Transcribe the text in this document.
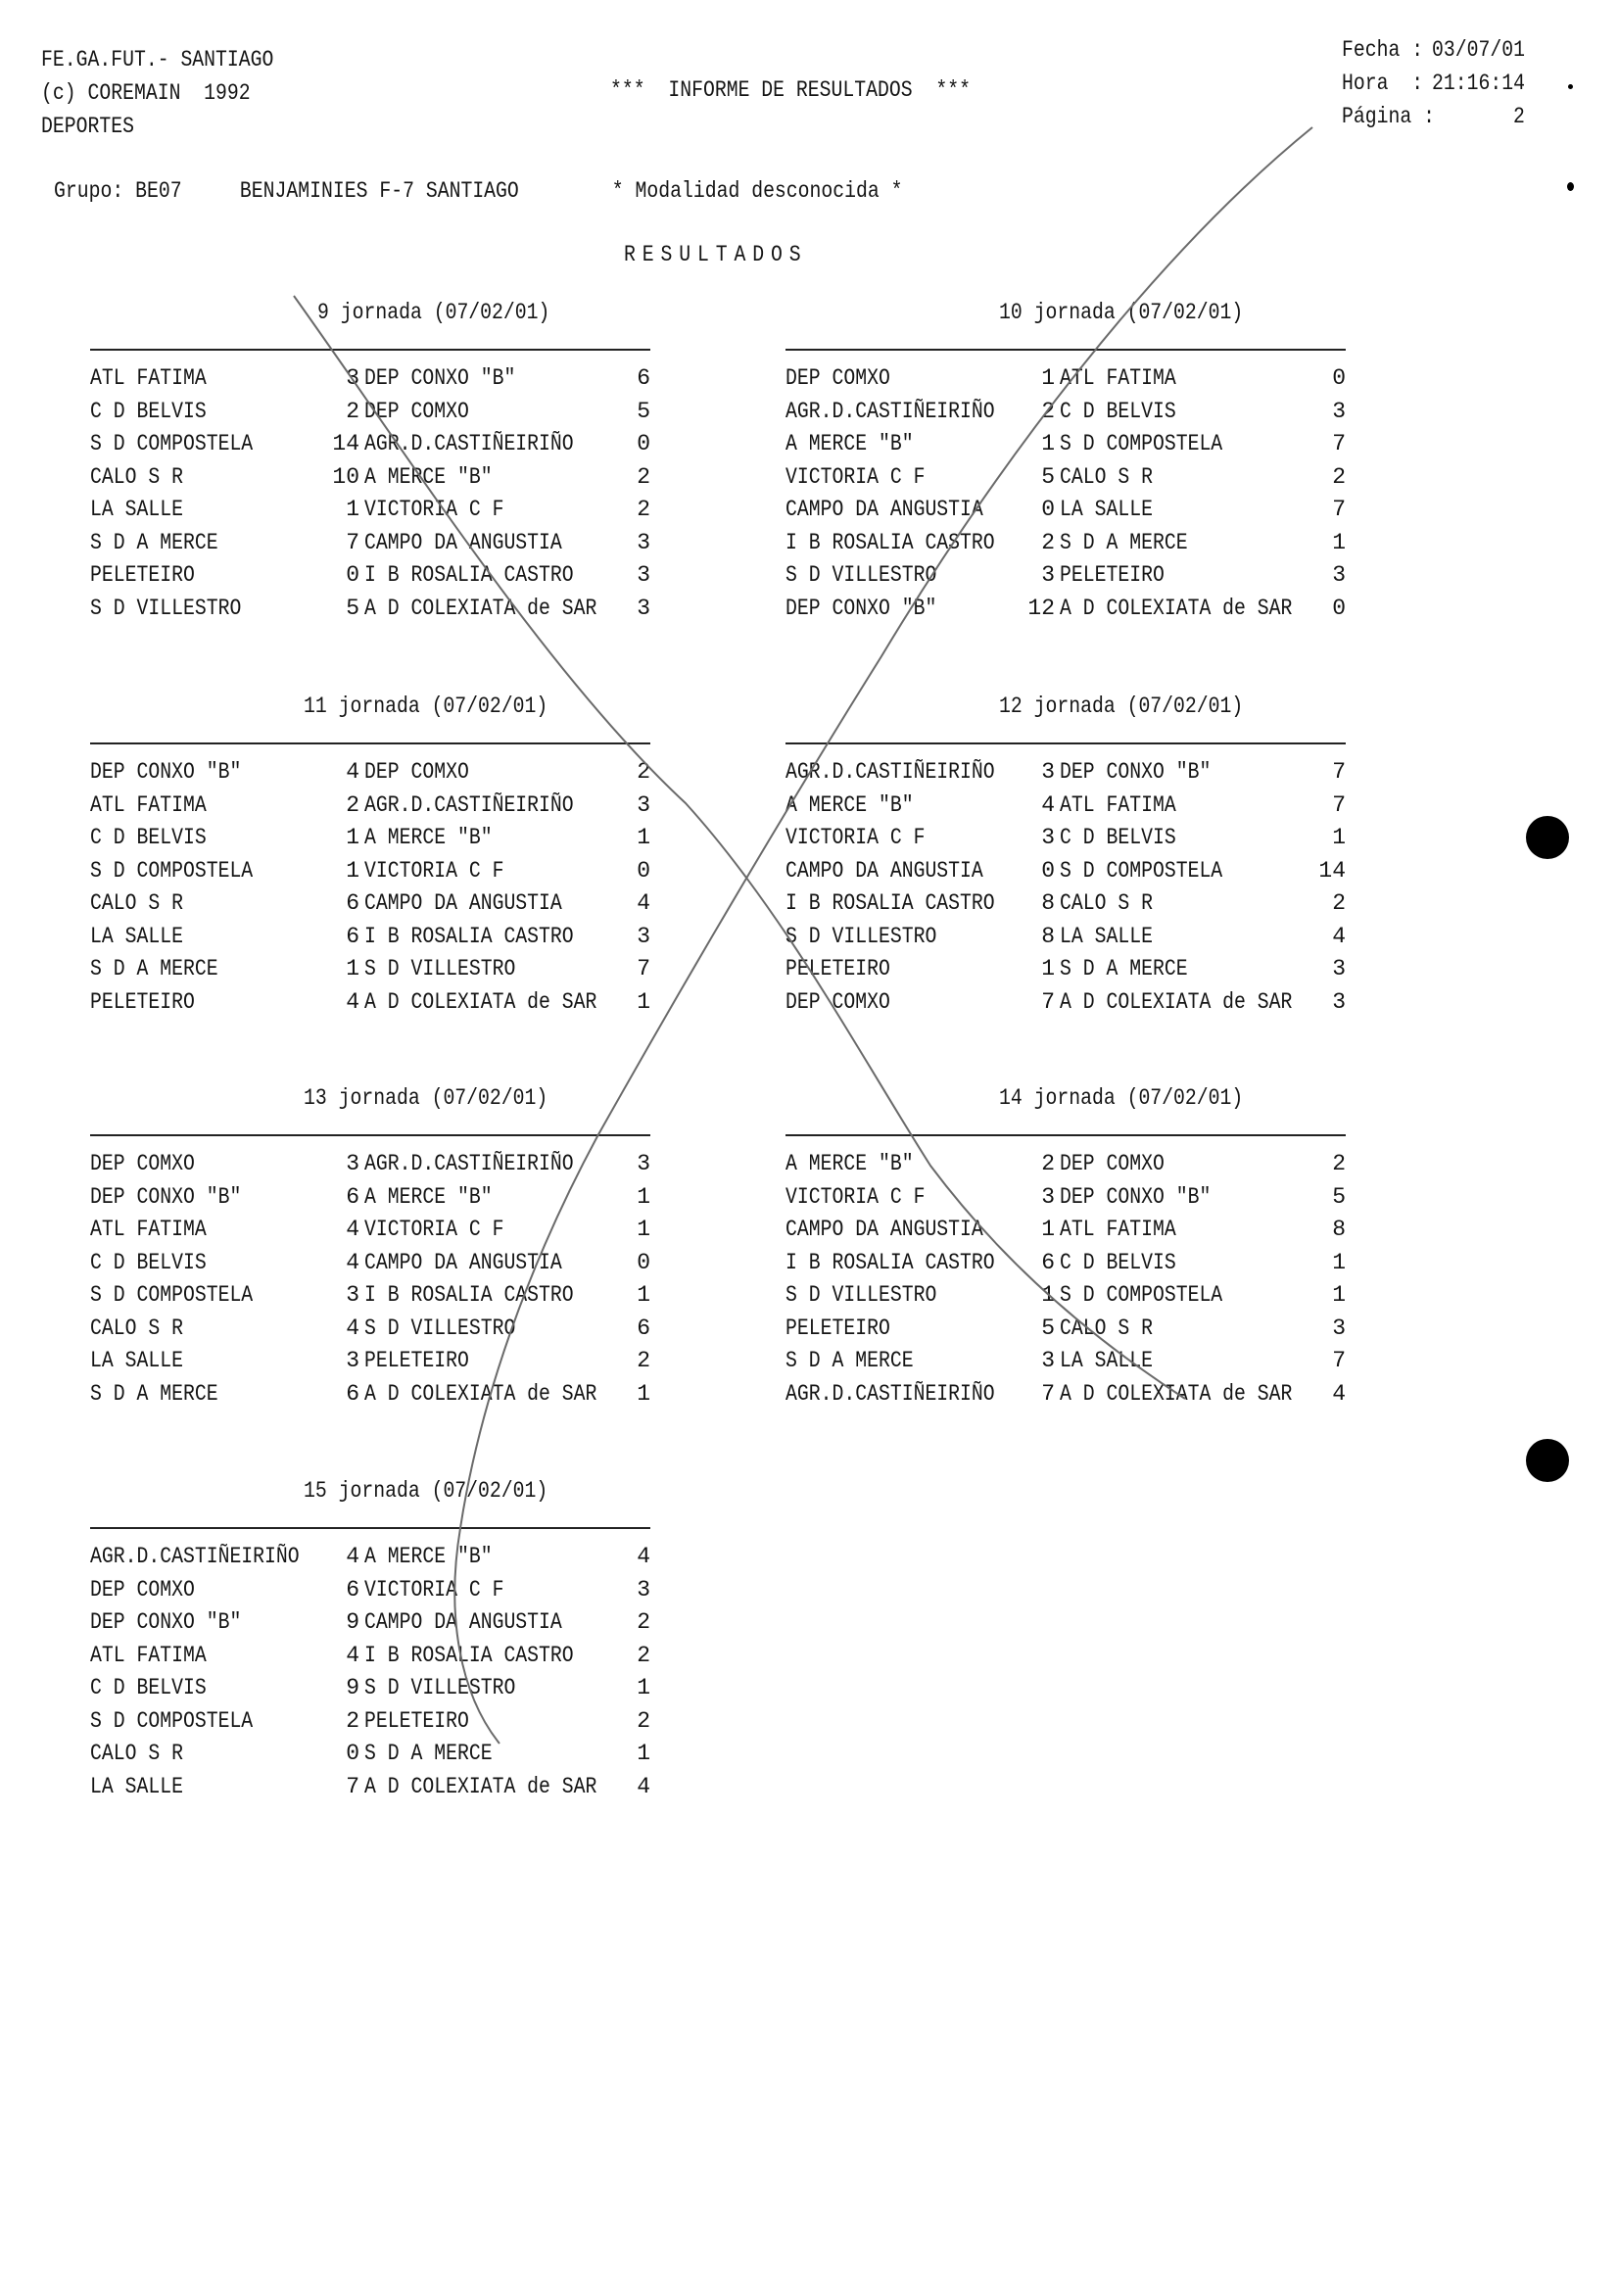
FE.GA.FUT.- SANTIAGO
(c) COREMAIN  1992
DEPORTES
***  INFORME DE RESULTADOS  ***
Fecha : 03/07/01
Hora  : 21:16:14
Página :	2
Grupo: BE07     BENJAMINIES F-7 SANTIAGO        * Modalidad desconocida *
RESULTADOS
9 jornada (07/02/01)
ATL FATIMA	3 DEP CONXO "B"	6
C D BELVIS	2 DEP COMXO	5
S D COMPOSTELA	14 AGR.D.CASTIÑEIRIÑO	0
CALO S R	10 A MERCE "B"	2
LA SALLE	1 VICTORIA C F	2
S D A MERCE	7 CAMPO DA ANGUSTIA	3
PELETEIRO	0 I B ROSALIA CASTRO	3
S D VILLESTRO	5 A D COLEXIATA de SAR 3
10 jornada (07/02/01)
DEP COMXO	1 ATL FATIMA	0
AGR.D.CASTIÑEIRIÑO 2 C D BELVIS	3
A MERCE "B"	1 S D COMPOSTELA	7
VICTORIA C F	5 CALO S R	2
CAMPO DA ANGUSTIA	0 LA SALLE	7
I B ROSALIA CASTRO 2 S D A MERCE	1
S D VILLESTRO	3 PELETEIRO	3
DEP CONXO "B"	12 A D COLEXIATA de SAR 0
11 jornada (07/02/01)
DEP CONXO "B"	4 DEP COMXO	2
ATL FATIMA	2 AGR.D.CASTIÑEIRIÑO	3
C D BELVIS	1 A MERCE "B"	1
S D COMPOSTELA	1 VICTORIA C F	0
CALO S R	6 CAMPO DA ANGUSTIA	4
LA SALLE	6 I B ROSALIA CASTRO	3
S D A MERCE	1 S D VILLESTRO	7
PELETEIRO	4 A D COLEXIATA de SAR 1
12 jornada (07/02/01)
AGR.D.CASTIÑEIRIÑO 3 DEP CONXO "B"	7
A MERCE "B"	4 ATL FATIMA	7
VICTORIA C F	3 C D BELVIS	1
CAMPO DA ANGUSTIA	0 S D COMPOSTELA	14
I B ROSALIA CASTRO 8 CALO S R	2
S D VILLESTRO	8 LA SALLE	4
PELETEIRO	1 S D A MERCE	3
DEP COMXO	7 A D COLEXIATA de SAR 3
13 jornada (07/02/01)
DEP COMXO	3 AGR.D.CASTIÑEIRIÑO	3
DEP CONXO "B"	6 A MERCE "B"	1
ATL FATIMA	4 VICTORIA C F	1
C D BELVIS	4 CAMPO DA ANGUSTIA	0
S D COMPOSTELA	3 I B ROSALIA CASTRO	1
CALO S R	4 S D VILLESTRO	6
LA SALLE	3 PELETEIRO	2
S D A MERCE	6 A D COLEXIATA de SAR 1
14 jornada (07/02/01)
A MERCE "B"	2 DEP COMXO	2
VICTORIA C F	3 DEP CONXO "B"	5
CAMPO DA ANGUSTIA	1 ATL FATIMA	8
I B ROSALIA CASTRO 6 C D BELVIS	1
S D VILLESTRO	1 S D COMPOSTELA	1
PELETEIRO	5 CALO S R	3
S D A MERCE	3 LA SALLE	7
AGR.D.CASTIÑEIRIÑO 7 A D COLEXIATA de SAR 4
15 jornada (07/02/01)
AGR.D.CASTIÑEIRIÑO 4 A MERCE "B"	4
DEP COMXO	6 VICTORIA C F	3
DEP CONXO "B"	9 CAMPO DA ANGUSTIA	2
ATL FATIMA	4 I B ROSALIA CASTRO	2
C D BELVIS	9 S D VILLESTRO	1
S D COMPOSTELA	2 PELETEIRO	2
CALO S R	0 S D A MERCE	1
LA SALLE	7 A D COLEXIATA de SAR 4
